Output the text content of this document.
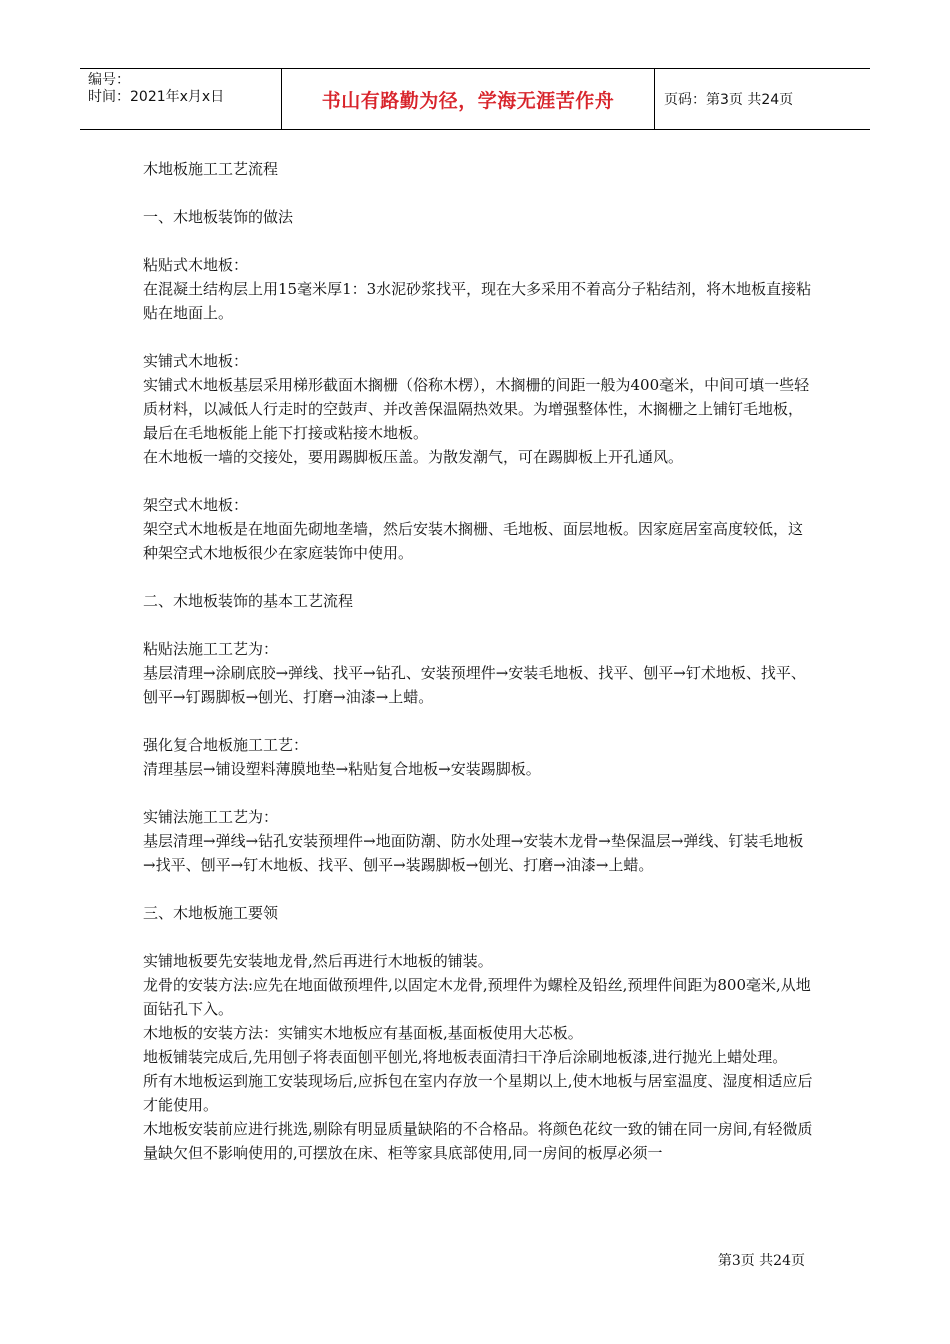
编号：
时间：2021年x月x日	书山有路勤为径，学海无涯苦作舟	页码：第3页 共24页

木地板施工工艺流程

一、木地板装饰的做法

粘贴式木地板：

在混凝土结构层上用15毫米厚1：3水泥砂浆找平，现在大多采用不着高分子粘结剂，将木地板直接粘贴在地面上。

实铺式木地板：

实铺式木地板基层采用梯形截面木搁栅（俗称木楞），木搁栅的间距一般为400毫米，中间可填一些轻质材料，以减低人行走时的空鼓声、并改善保温隔热效果。为增强整体性，木搁栅之上铺钉毛地板，最后在毛地板能上能下打接或粘接木地板。

在木地板一墙的交接处，要用踢脚板压盖。为散发潮气，可在踢脚板上开孔通风。

架空式木地板：

架空式木地板是在地面先砌地垄墙，然后安装木搁栅、毛地板、面层地板。因家庭居室高度较低，这种架空式木地板很少在家庭装饰中使用。

二、木地板装饰的基本工艺流程

粘贴法施工工艺为：

基层清理→涂刷底胶→弹线、找平→钻孔、安装预埋件→安装毛地板、找平、刨平→钉术地板、找平、刨平→钉踢脚板→刨光、打磨→油漆→上蜡。

强化复合地板施工工艺：

清理基层→铺设塑料薄膜地垫→粘贴复合地板→安装踢脚板。

实铺法施工工艺为：

基层清理→弹线→钻孔安装预埋件→地面防潮、防水处理→安装木龙骨→垫保温层→弹线、钉装毛地板→找平、刨平→钉木地板、找平、刨平→装踢脚板→刨光、打磨→油漆→上蜡。

三、木地板施工要领

实铺地板要先安装地龙骨,然后再进行木地板的铺装。

龙骨的安装方法:应先在地面做预埋件,以固定木龙骨,预埋件为螺栓及铅丝,预埋件间距为800毫米,从地面钻孔下入。

木地板的安装方法：实铺实木地板应有基面板,基面板使用大芯板。

地板铺装完成后,先用刨子将表面刨平刨光,将地板表面清扫干净后涂刷地板漆,进行抛光上蜡处理。

所有木地板运到施工安装现场后,应拆包在室内存放一个星期以上,使木地板与居室温度、湿度相适应后才能使用。

木地板安装前应进行挑选,剔除有明显质量缺陷的不合格品。将颜色花纹一致的铺在同一房间,有轻微质量缺欠但不影响使用的,可摆放在床、柜等家具底部使用,同一房间的板厚必须一

第3页 共24页
